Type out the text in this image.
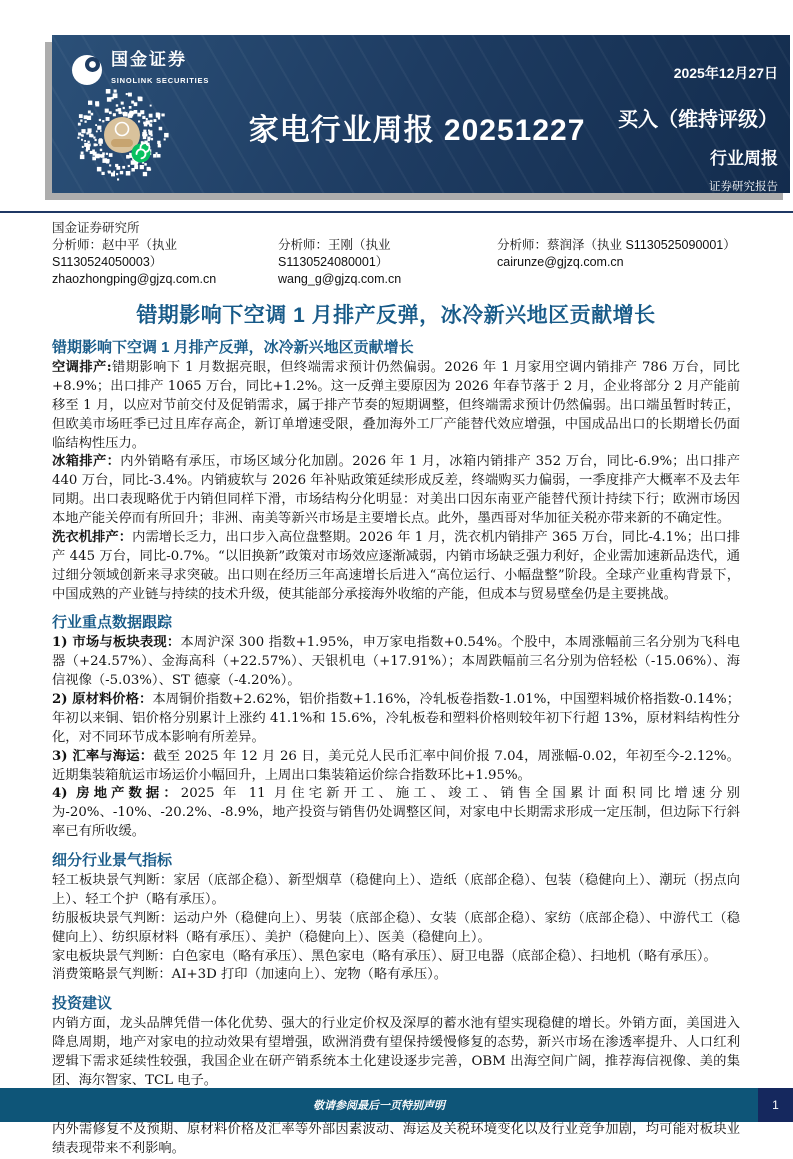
国金证券
SINOLINK SECURITIES	2025年12月27日
家电行业周报 20251227	买入（维持评级）
行业周报
证券研究报告
国金证券研究所
分析师：赵中平（执业 S1130524050003）
zhaozhongping@gjzq.com.cn
分析师：王刚（执业 S1130524080001）
wang_g@gjzq.com.cn
分析师：蔡润泽（执业 S1130525090001）
cairunze@gjzq.com.cn
错期影响下空调 1 月排产反弹，冰冷新兴地区贡献增长
错期影响下空调 1 月排产反弹，冰冷新兴地区贡献增长

空调排产:错期影响下 1 月数据亮眼，但终端需求预计仍然偏弱。2026 年 1 月家用空调内销排产 786 万台，同比+8.9%；出口排产 1065 万台，同比+1.2%。这一反弹主要原因为 2026 年春节落于 2 月，企业将部分 2 月产能前移至 1 月，以应对节前交付及促销需求，属于排产节奏的短期调整，但终端需求预计仍然偏弱。出口端虽暂时转正，但欧美市场旺季已过且库存高企，新订单增速受限，叠加海外工厂产能替代效应增强，中国成品出口的长期增长仍面临结构性压力。

冰箱排产：内外销略有承压，市场区域分化加剧。2026 年 1 月，冰箱内销排产 352 万台，同比-6.9%；出口排产 440 万台，同比-3.4%。内销疲软与 2026 年补贴政策延续形成反差，终端购买力偏弱，一季度排产大概率不及去年同期。出口表现略优于内销但同样下滑，市场结构分化明显：对美出口因东南亚产能替代预计持续下行；欧洲市场因本地产能关停而有所回升；非洲、南美等新兴市场是主要增长点。此外，墨西哥对华加征关税亦带来新的不确定性。

洗衣机排产：内需增长乏力，出口步入高位盘整期。2026 年 1 月，洗衣机内销排产 365 万台，同比-4.1%；出口排产 445 万台，同比-0.7%。“以旧换新”政策对市场效应逐渐减弱，内销市场缺乏强力利好，企业需加速新品迭代，通过细分领域创新来寻求突破。出口则在经历三年高速增长后进入“高位运行、小幅盘整”阶段。全球产业重构背景下，中国成熟的产业链与持续的技术升级，使其能部分承接海外收缩的产能，但成本与贸易壁垒仍是主要挑战。

行业重点数据跟踪

1) 市场与板块表现：本周沪深 300 指数+1.95%，申万家电指数+0.54%。个股中，本周涨幅前三名分别为飞科电器（+24.57%）、金海高科（+22.57%）、天银机电（+17.91%）；本周跌幅前三名分别为倍轻松（-15.06%）、海信视像（-5.03%）、ST 德豪（-4.20%）。

2) 原材料价格：本周铜价指数+2.62%，铝价指数+1.16%，冷轧板卷指数-1.01%，中国塑料城价格指数-0.14%；年初以来铜、铝价格分别累计上涨约 41.1%和 15.6%，冷轧板卷和塑料价格则较年初下行超 13%，原材料结构性分化，对不同环节成本影响有所差异。

3) 汇率与海运：截至 2025 年 12 月 26 日，美元兑人民币汇率中间价报 7.04，周涨幅-0.02，年初至今-2.12%。近期集装箱航运市场运价小幅回升，上周出口集装箱运价综合指数环比+1.95%。

4) 房地产数据：2025 年 11 月住宅新开工、施工、竣工、销售全国累计面积同比增速分别为-20%、-10%、-20.2%、-8.9%，地产投资与销售仍处调整区间，对家电中长期需求形成一定压制，但边际下行斜率已有所收缓。

细分行业景气指标

轻工板块景气判断：家居（底部企稳）、新型烟草（稳健向上）、造纸（底部企稳）、包装（稳健向上）、潮玩（拐点向上）、轻工个护（略有承压）。

纺服板块景气判断：运动户外（稳健向上）、男装（底部企稳）、女装（底部企稳）、家纺（底部企稳）、中游代工（稳健向上）、纺织原材料（略有承压）、美护（稳健向上）、医美（稳健向上）。

家电板块景气判断：白色家电（略有承压）、黑色家电（略有承压）、厨卫电器（底部企稳）、扫地机（略有承压）。

消费策略景气判断：AI+3D 打印（加速向上）、宠物（略有承压）。

投资建议

内销方面，龙头品牌凭借一体化优势、强大的行业定价权及深厚的蓄水池有望实现稳健的增长。外销方面，美国进入降息周期，地产对家电的拉动效果有望增强，欧洲消费有望保持缓慢修复的态势，新兴市场在渗透率提升、人口红利逻辑下需求延续性较强，我国企业在研产销系统本土化建设逐步完善，OBM 出海空间广阔，推荐海信视像、美的集团、海尔智家、TCL 电子。

内外需修复不及预期、原材料价格及汇率等外部因素波动、海运及关税环境变化以及行业竞争加剧，均可能对板块业绩表现带来不利影响。

敬请参阅最后一页特别声明	1
